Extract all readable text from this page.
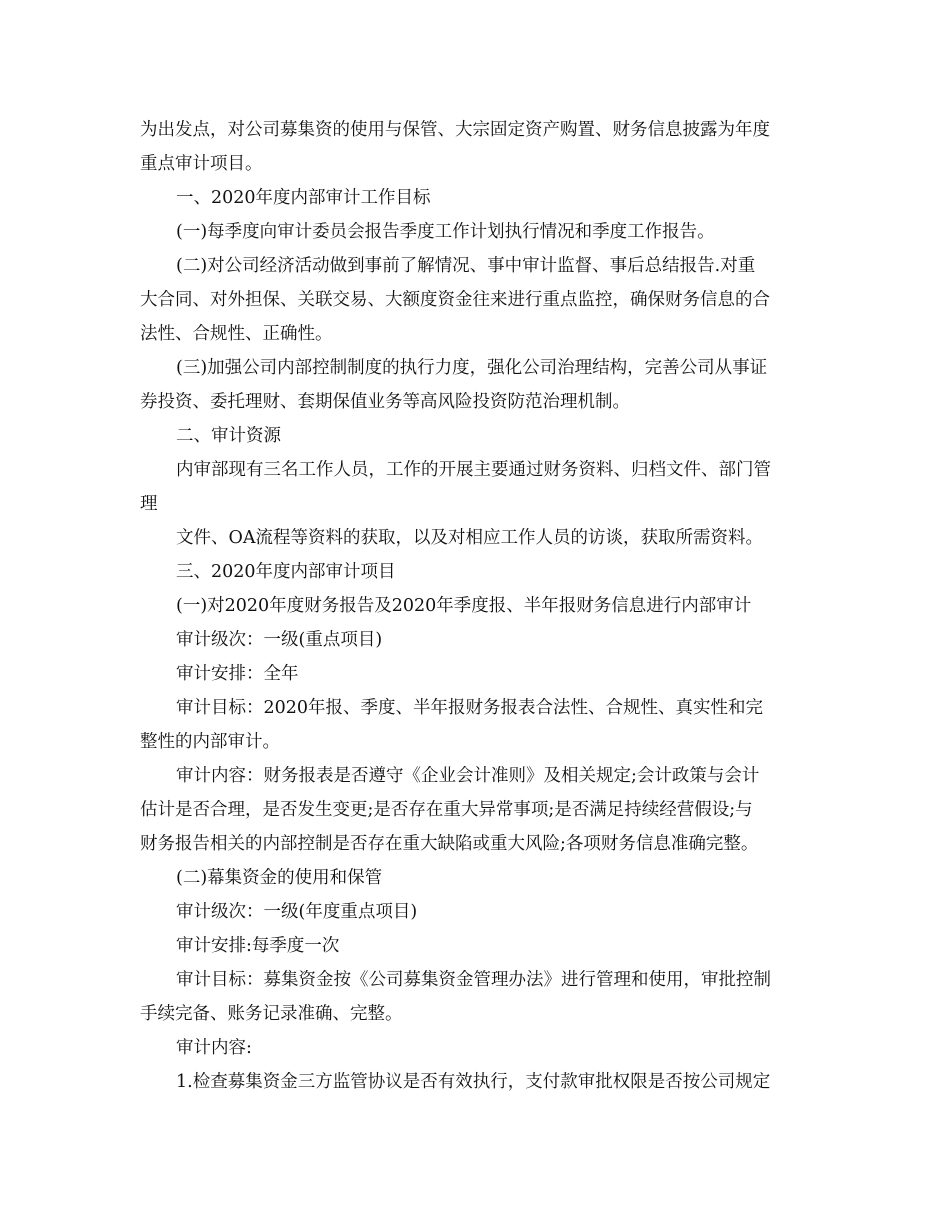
为出发点，对公司募集资的使用与保管、大宗固定资产购置、财务信息披露为年度
重点审计项目。
一、2020年度内部审计工作目标
(一)每季度向审计委员会报告季度工作计划执行情况和季度工作报告。
(二)对公司经济活动做到事前了解情况、事中审计监督、事后总结报告.对重
大合同、对外担保、关联交易、大额度资金往来进行重点监控，确保财务信息的合
法性、合规性、正确性。
(三)加强公司内部控制制度的执行力度，强化公司治理结构，完善公司从事证
券投资、委托理财、套期保值业务等高风险投资防范治理机制。
二、审计资源
内审部现有三名工作人员，工作的开展主要通过财务资料、归档文件、部门管
理
文件、OA流程等资料的获取，以及对相应工作人员的访谈，获取所需资料。
三、2020年度内部审计项目
(一)对2020年度财务报告及2020年季度报、半年报财务信息进行内部审计
审计级次：一级(重点项目)
审计安排：全年
审计目标：2020年报、季度、半年报财务报表合法性、合规性、真实性和完
整性的内部审计。
审计内容：财务报表是否遵守《企业会计准则》及相关规定;会计政策与会计
估计是否合理，是否发生变更;是否存在重大异常事项;是否满足持续经营假设;与
财务报告相关的内部控制是否存在重大缺陷或重大风险;各项财务信息准确完整。
(二)幕集资金的使用和保管
审计级次：一级(年度重点项目)
审计安排:每季度一次
审计目标：募集资金按《公司募集资金管理办法》进行管理和使用，审批控制
手续完备、账务记录准确、完整。
审计内容:
1.检查募集资金三方监管协议是否有效执行，支付款审批权限是否按公司规定
